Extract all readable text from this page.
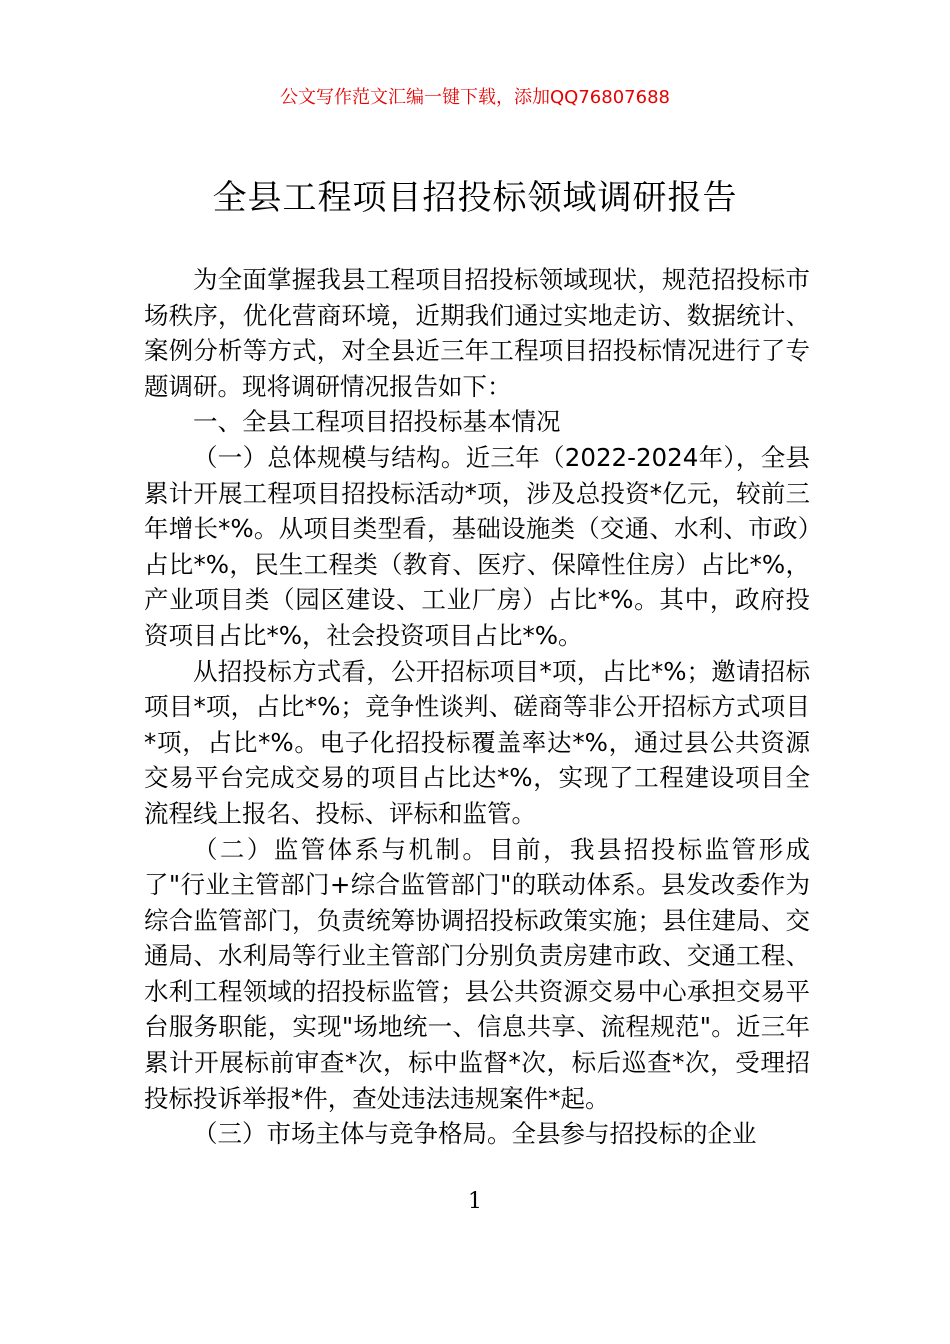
公文写作范文汇编一键下载，添加QQ76807688
全县工程项目招投标领域调研报告

为全面掌握我县工程项目招投标领域现状，规范招投标市场秩序，优化营商环境，近期我们通过实地走访、数据统计、案例分析等方式，对全县近三年工程项目招投标情况进行了专题调研。现将调研情况报告如下：

一、全县工程项目招投标基本情况

（一）总体规模与结构。近三年（2022-2024年），全县累计开展工程项目招投标活动*项，涉及总投资*亿元，较前三年增长*%。从项目类型看，基础设施类（交通、水利、市政）占比*%，民生工程类（教育、医疗、保障性住房）占比*%，产业项目类（园区建设、工业厂房）占比*%。其中，政府投资项目占比*%，社会投资项目占比*%。

从招投标方式看，公开招标项目*项，占比*%；邀请招标项目*项，占比*%；竞争性谈判、磋商等非公开招标方式项目*项，占比*%。电子化招投标覆盖率达*%，通过县公共资源交易平台完成交易的项目占比达*%，实现了工程建设项目全流程线上报名、投标、评标和监管。

（二）监管体系与机制。目前，我县招投标监管形成了"行业主管部门+综合监管部门"的联动体系。县发改委作为综合监管部门，负责统筹协调招投标政策实施；县住建局、交通局、水利局等行业主管部门分别负责房建市政、交通工程、水利工程领域的招投标监管；县公共资源交易中心承担交易平台服务职能，实现"场地统一、信息共享、流程规范"。近三年累计开展标前审查*次，标中监督*次，标后巡查*次，受理招投标投诉举报*件，查处违法违规案件*起。

（三）市场主体与竞争格局。全县参与招投标的企业

1
